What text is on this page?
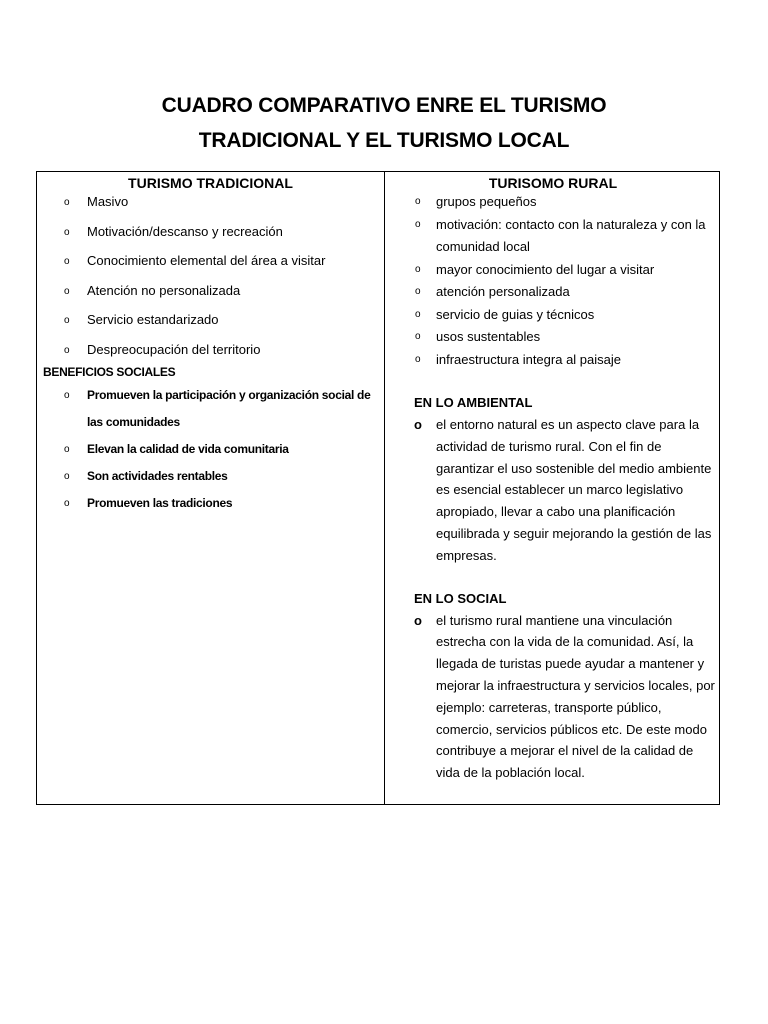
CUADRO COMPARATIVO ENRE EL TURISMO
TRADICIONAL Y EL TURISMO LOCAL
TURISMO TRADICIONAL
o	Masivo
o	Motivación/descanso y recreación
o	Conocimiento elemental del área a visitar
o	Atención no personalizada
o	Servicio estandarizado
o	Despreocupación del territorio
BENEFICIOS SOCIALES
o	Promueven la participación y organización social de las comunidades
o	Elevan la calidad de vida comunitaria
o	Son actividades rentables
o	Promueven las tradiciones
TURISOMO RURAL
o	grupos pequeños
o	motivación: contacto con la naturaleza y con la comunidad local
o	mayor conocimiento del lugar a visitar
o	atención personalizada
o	servicio de guias y técnicos
o	usos sustentables
o	infraestructura integra al paisaje
EN LO AMBIENTAL
o el entorno natural es un aspecto clave para la actividad de turismo rural. Con el fin de garantizar el uso sostenible del medio ambiente es esencial establecer un marco legislativo apropiado, llevar a cabo una planificación equilibrada y seguir mejorando la gestión de las empresas.
EN LO SOCIAL
o el turismo rural mantiene una vinculación estrecha con la vida de la comunidad. Así, la llegada de turistas puede ayudar a mantener y mejorar la infraestructura y servicios locales, por ejemplo: carreteras, transporte público, comercio, servicios públicos etc. De este modo contribuye a mejorar el nivel de la calidad de vida de la población local.
